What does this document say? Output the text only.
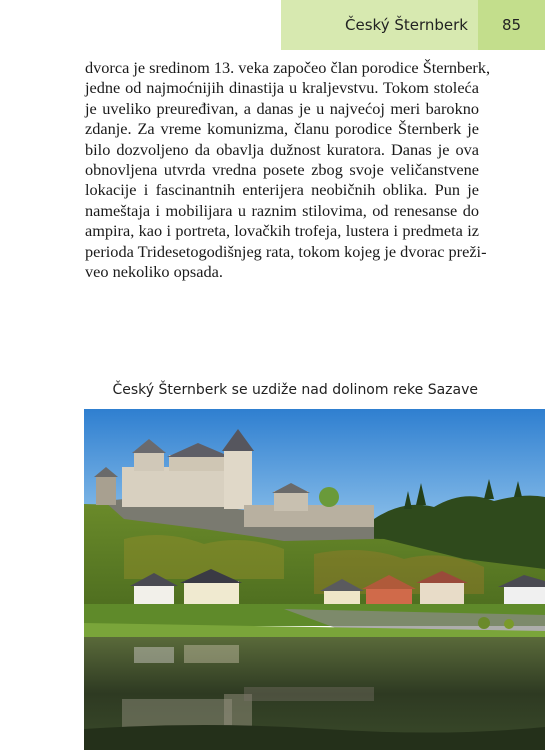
Český Šternberk	85
dvorca je sredinom 13. veka započeo član porodice Šternberk,
jedne od najmoćnijih dinastija u kraljevstvu. Tokom stoleća
je uveliko preuređivan, a danas je u najvećoj meri barokno
zdanje. Za vreme komunizma, članu porodice Šternberk je
bilo dozvoljeno da obavlja dužnost kuratora. Danas je ova
obnovljena utvrda vredna posete zbog svoje veličanstvene
lokacije i fascinantnih enterijera neobičnih oblika. Pun je
nameštaja i mobilijara u raznim stilovima, od renesanse do
ampira, kao i portreta, lovačkih trofeja, lustera i predmeta iz
perioda Tridesetogodišnjeg rata, tokom kojeg je dvorac preži-
veo nekoliko opsada.
Český Šternberk se uzdiže nad dolinom reke Sazave
